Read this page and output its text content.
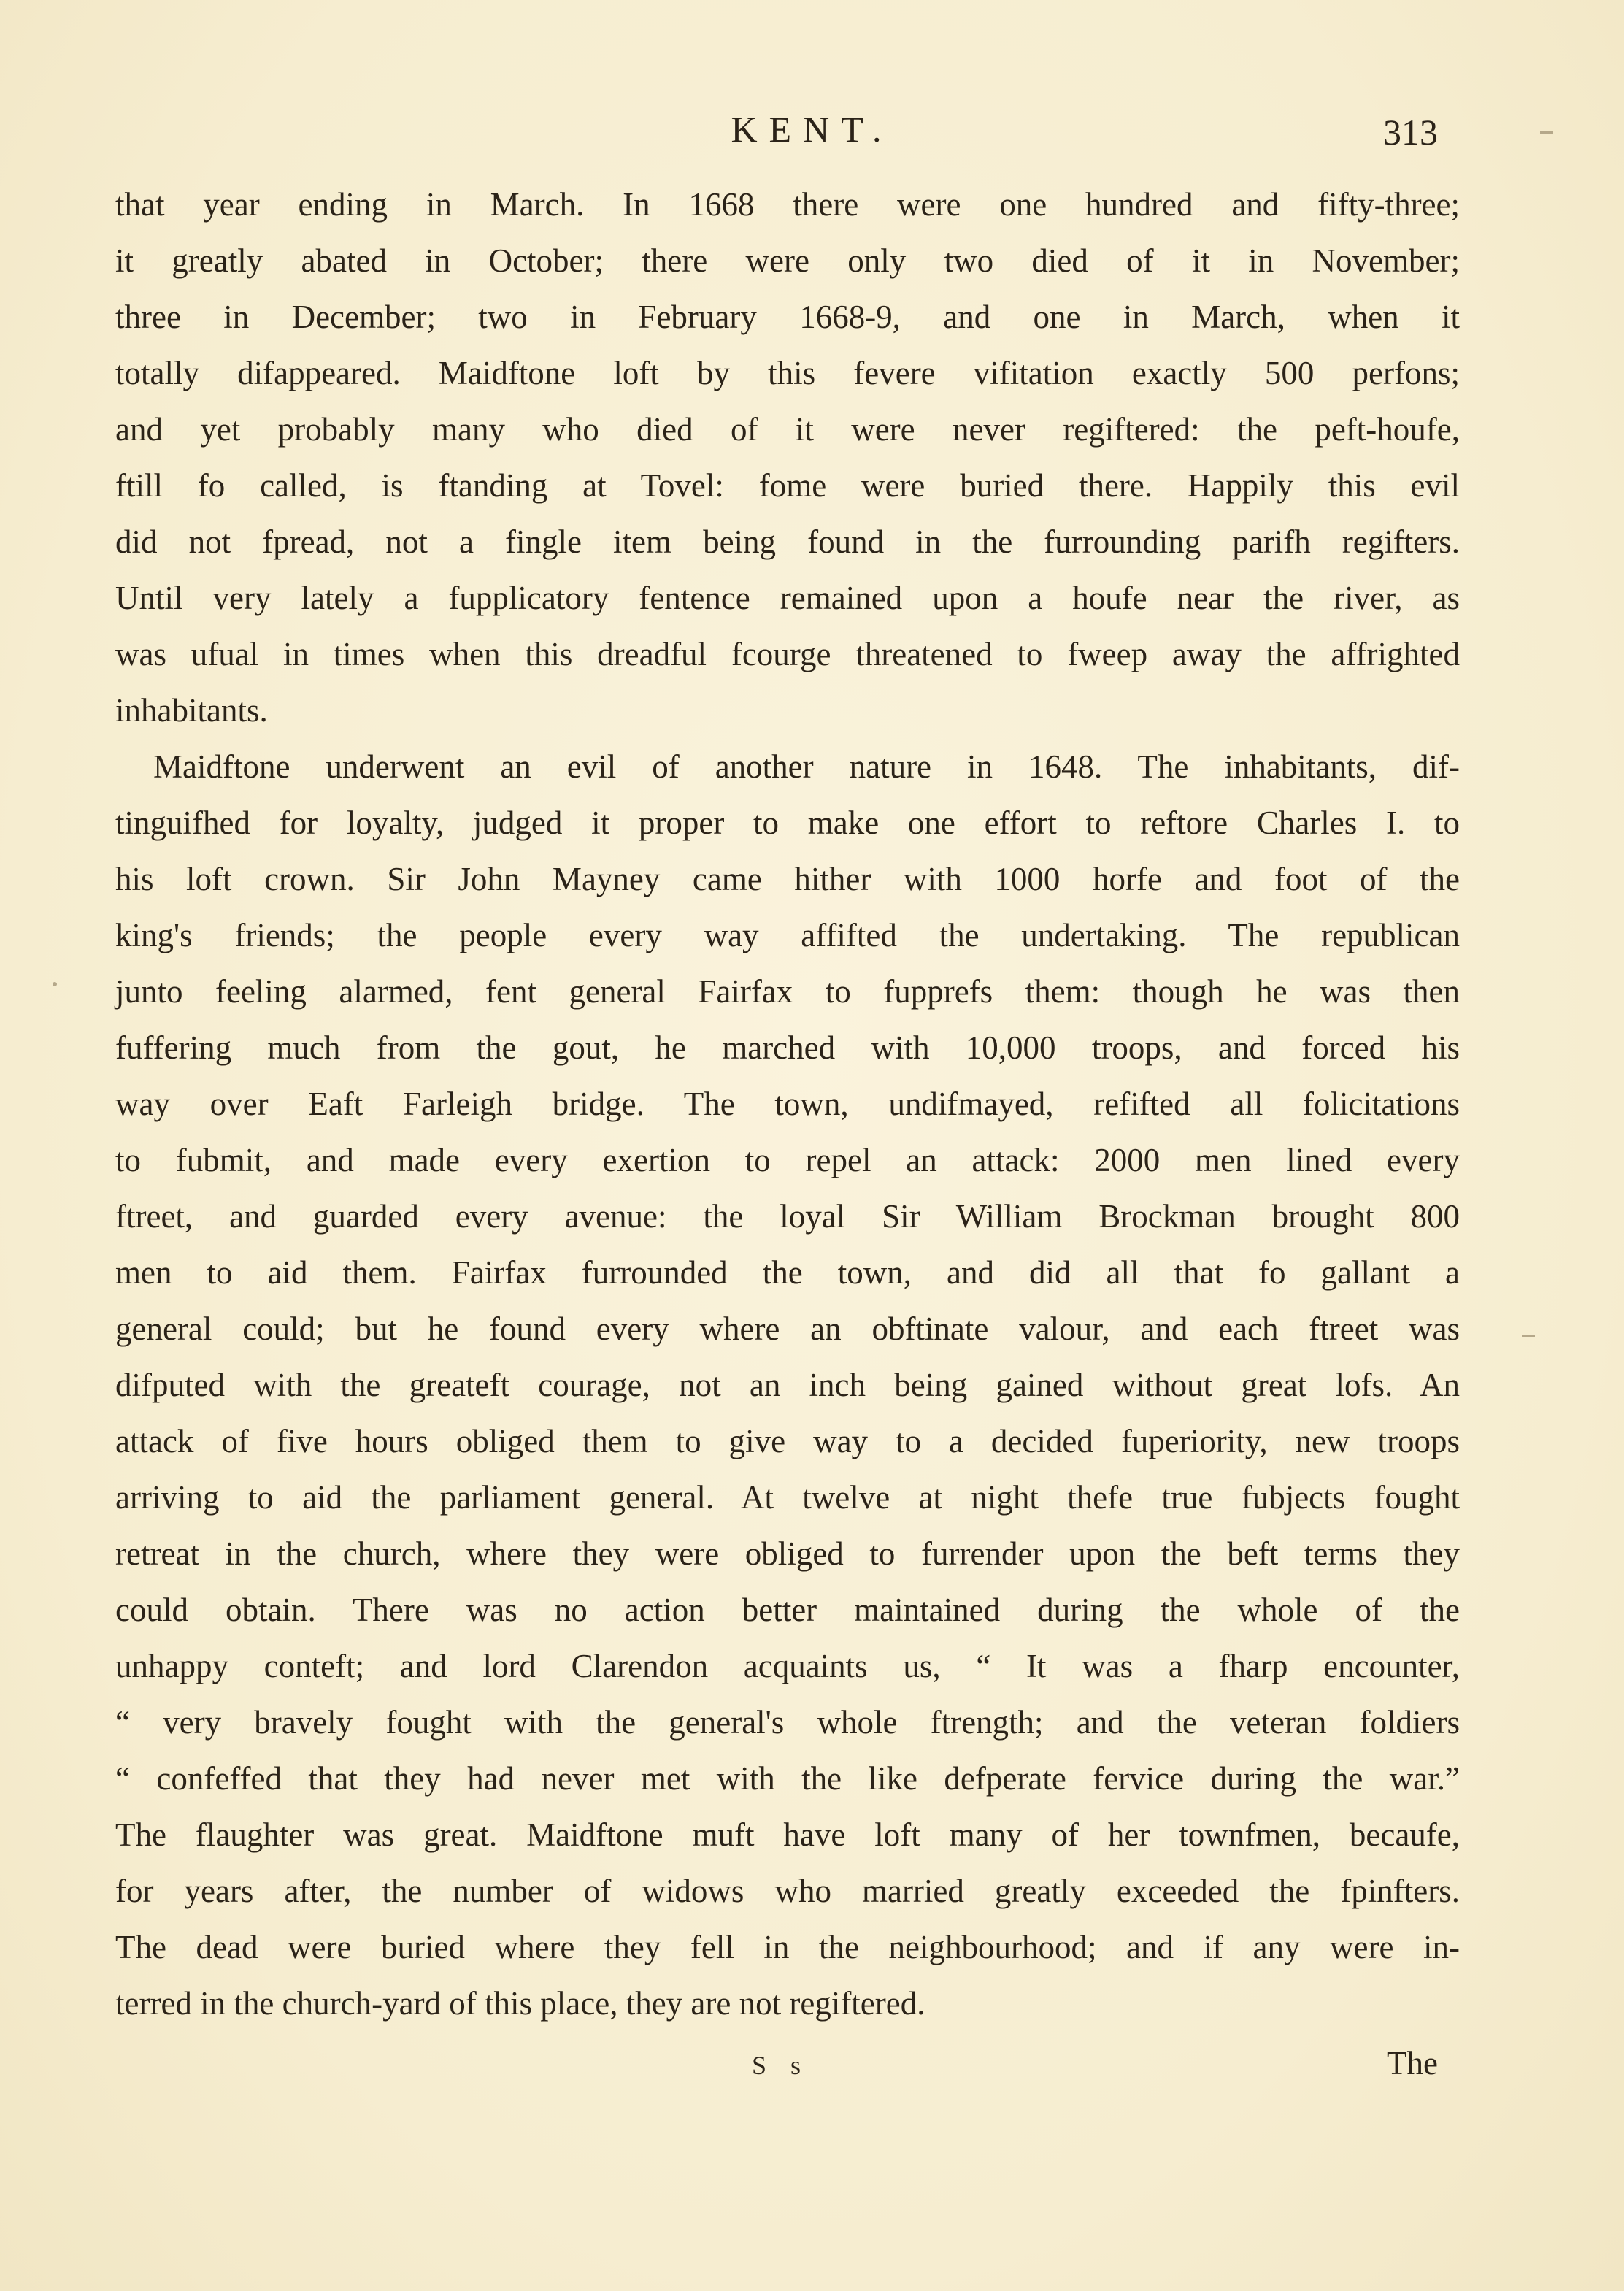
KENT.	313
that year ending in March. In 1668 there were one hundred and fifty-three;
it greatly abated in October; there were only two died of it in November;
three in December; two in February 1668-9, and one in March, when it
totally difappeared. Maidftone loft by this fevere vifitation exactly 500 perfons;
and yet probably many who died of it were never regiftered: the peft-houfe,
ftill fo called, is ftanding at Tovel: fome were buried there. Happily this evil
did not fpread, not a fingle item being found in the furrounding parifh regifters.
Until very lately a fupplicatory fentence remained upon a houfe near the river, as
was ufual in times when this dreadful fcourge threatened to fweep away the affrighted
inhabitants.
Maidftone underwent an evil of another nature in 1648. The inhabitants, dif-
tinguifhed for loyalty, judged it proper to make one effort to reftore Charles I. to
his loft crown. Sir John Mayney came hither with 1000 horfe and foot of the
king's friends; the people every way affifted the undertaking. The republican
junto feeling alarmed, fent general Fairfax to fupprefs them: though he was then
fuffering much from the gout, he marched with 10,000 troops, and forced his
way over Eaft Farleigh bridge. The town, undifmayed, refifted all folicitations
to fubmit, and made every exertion to repel an attack: 2000 men lined every
ftreet, and guarded every avenue: the loyal Sir William Brockman brought 800
men to aid them. Fairfax furrounded the town, and did all that fo gallant a
general could; but he found every where an obftinate valour, and each ftreet was
difputed with the greateft courage, not an inch being gained without great lofs. An
attack of five hours obliged them to give way to a decided fuperiority, new troops
arriving to aid the parliament general. At twelve at night thefe true fubjects fought
retreat in the church, where they were obliged to furrender upon the beft terms they
could obtain. There was no action better maintained during the whole of the
unhappy conteft; and lord Clarendon acquaints us, “ It was a fharp encounter,
“ very bravely fought with the general's whole ftrength; and the veteran foldiers
“ confeffed that they had never met with the like defperate fervice during the war.”
The flaughter was great. Maidftone muft have loft many of her townfmen, becaufe,
for years after, the number of widows who married greatly exceeded the fpinfters.
The dead were buried where they fell in the neighbourhood; and if any were in-
terred in the church-yard of this place, they are not regiftered.
S s	The
